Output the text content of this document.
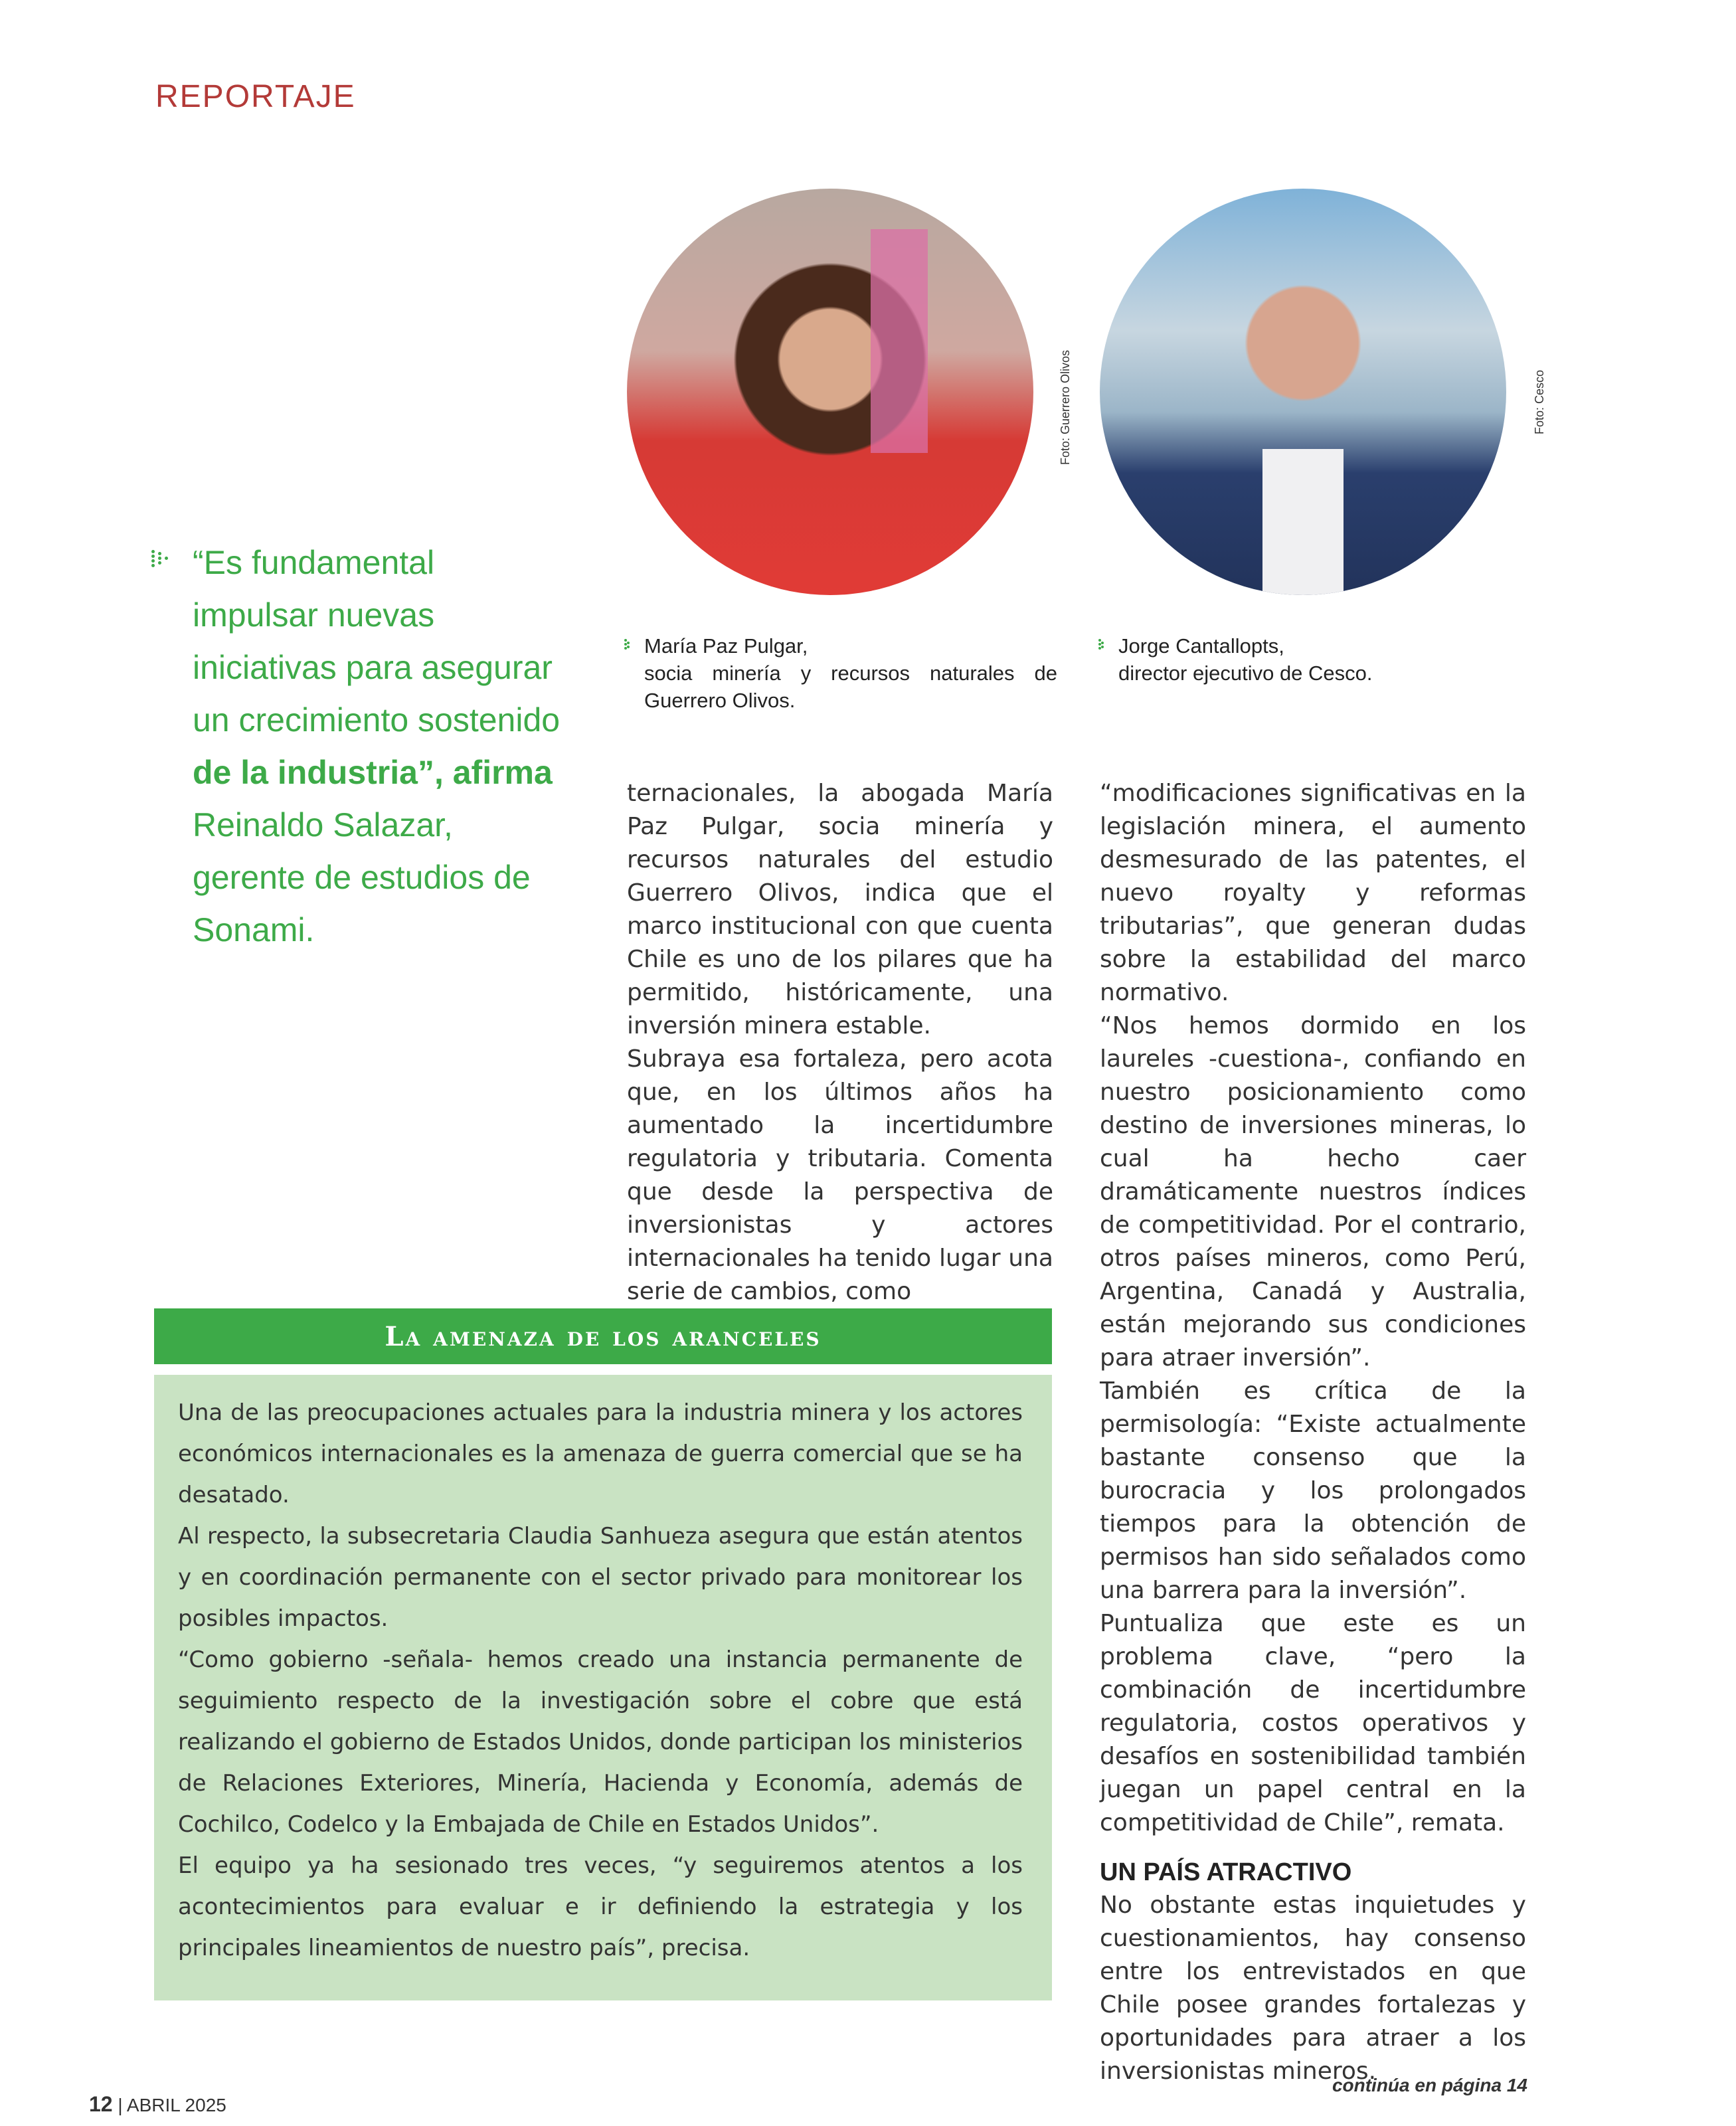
REPORTAJE

“Es fundamental impulsar nuevas iniciativas para asegurar un crecimiento sostenido de la industria”, afirma Reinaldo Salazar, gerente de estudios de Sonami.
Foto: Guerrero Olivos	Foto: Cesco
María Paz Pulgar,
socia minería y recursos naturales de Guerrero Olivos.
Jorge Cantallopts,
director ejecutivo de Cesco.

ternacionales, la abogada María Paz Pulgar, socia minería y recursos naturales del estudio Guerrero Olivos, indica que el marco institucional con que cuenta Chile es uno de los pilares que ha permitido, históricamente, una inversión minera estable.

Subraya esa fortaleza, pero acota que, en los últimos años ha aumentado la incertidumbre regulatoria y tributaria. Comenta que desde la perspectiva de inversionistas y actores internacionales ha tenido lugar una serie de cambios, como

“modificaciones significativas en la legislación minera, el aumento desmesurado de las patentes, el nuevo royalty y reformas tributarias”, que generan dudas sobre la estabilidad del marco normativo.

“Nos hemos dormido en los laureles -cuestiona-, confiando en nuestro posicionamiento como destino de inversiones mineras, lo cual ha hecho caer dramáticamente nuestros índices de competitividad. Por el contrario, otros países mineros, como Perú, Argentina, Canadá y Australia, están mejorando sus condiciones para atraer inversión”.

También es crítica de la permisología: “Existe actualmente bastante consenso que la burocracia y los prolongados tiempos para la obtención de permisos han sido señalados como una barrera para la inversión”.

Puntualiza que este es un problema clave, “pero la combinación de incertidumbre regulatoria, costos operativos y desafíos en sostenibilidad también juegan un papel central en la competitividad de Chile”, remata.

UN PAÍS ATRACTIVO

No obstante estas inquietudes y cuestionamientos, hay consenso entre los entrevistados en que Chile posee grandes fortalezas y oportunidades para atraer a los inversionistas mineros.

La amenaza de los aranceles

Una de las preocupaciones actuales para la industria minera y los actores económicos internacionales es la amenaza de guerra comercial que se ha desatado.

Al respecto, la subsecretaria Claudia Sanhueza asegura que están atentos y en coordinación permanente con el sector privado para monitorear los posibles impactos.

“Como gobierno -señala- hemos creado una instancia permanente de seguimiento respecto de la investigación sobre el cobre que está realizando el gobierno de Estados Unidos, donde participan los ministerios de Relaciones Exteriores, Minería, Hacienda y Economía, además de Cochilco, Codelco y la Embajada de Chile en Estados Unidos”.

El equipo ya ha sesionado tres veces, “y seguiremos atentos a los acontecimientos para evaluar e ir definiendo la estrategia y los principales lineamientos de nuestro país”, precisa.

continúa en página 14
12 | ABRIL 2025
